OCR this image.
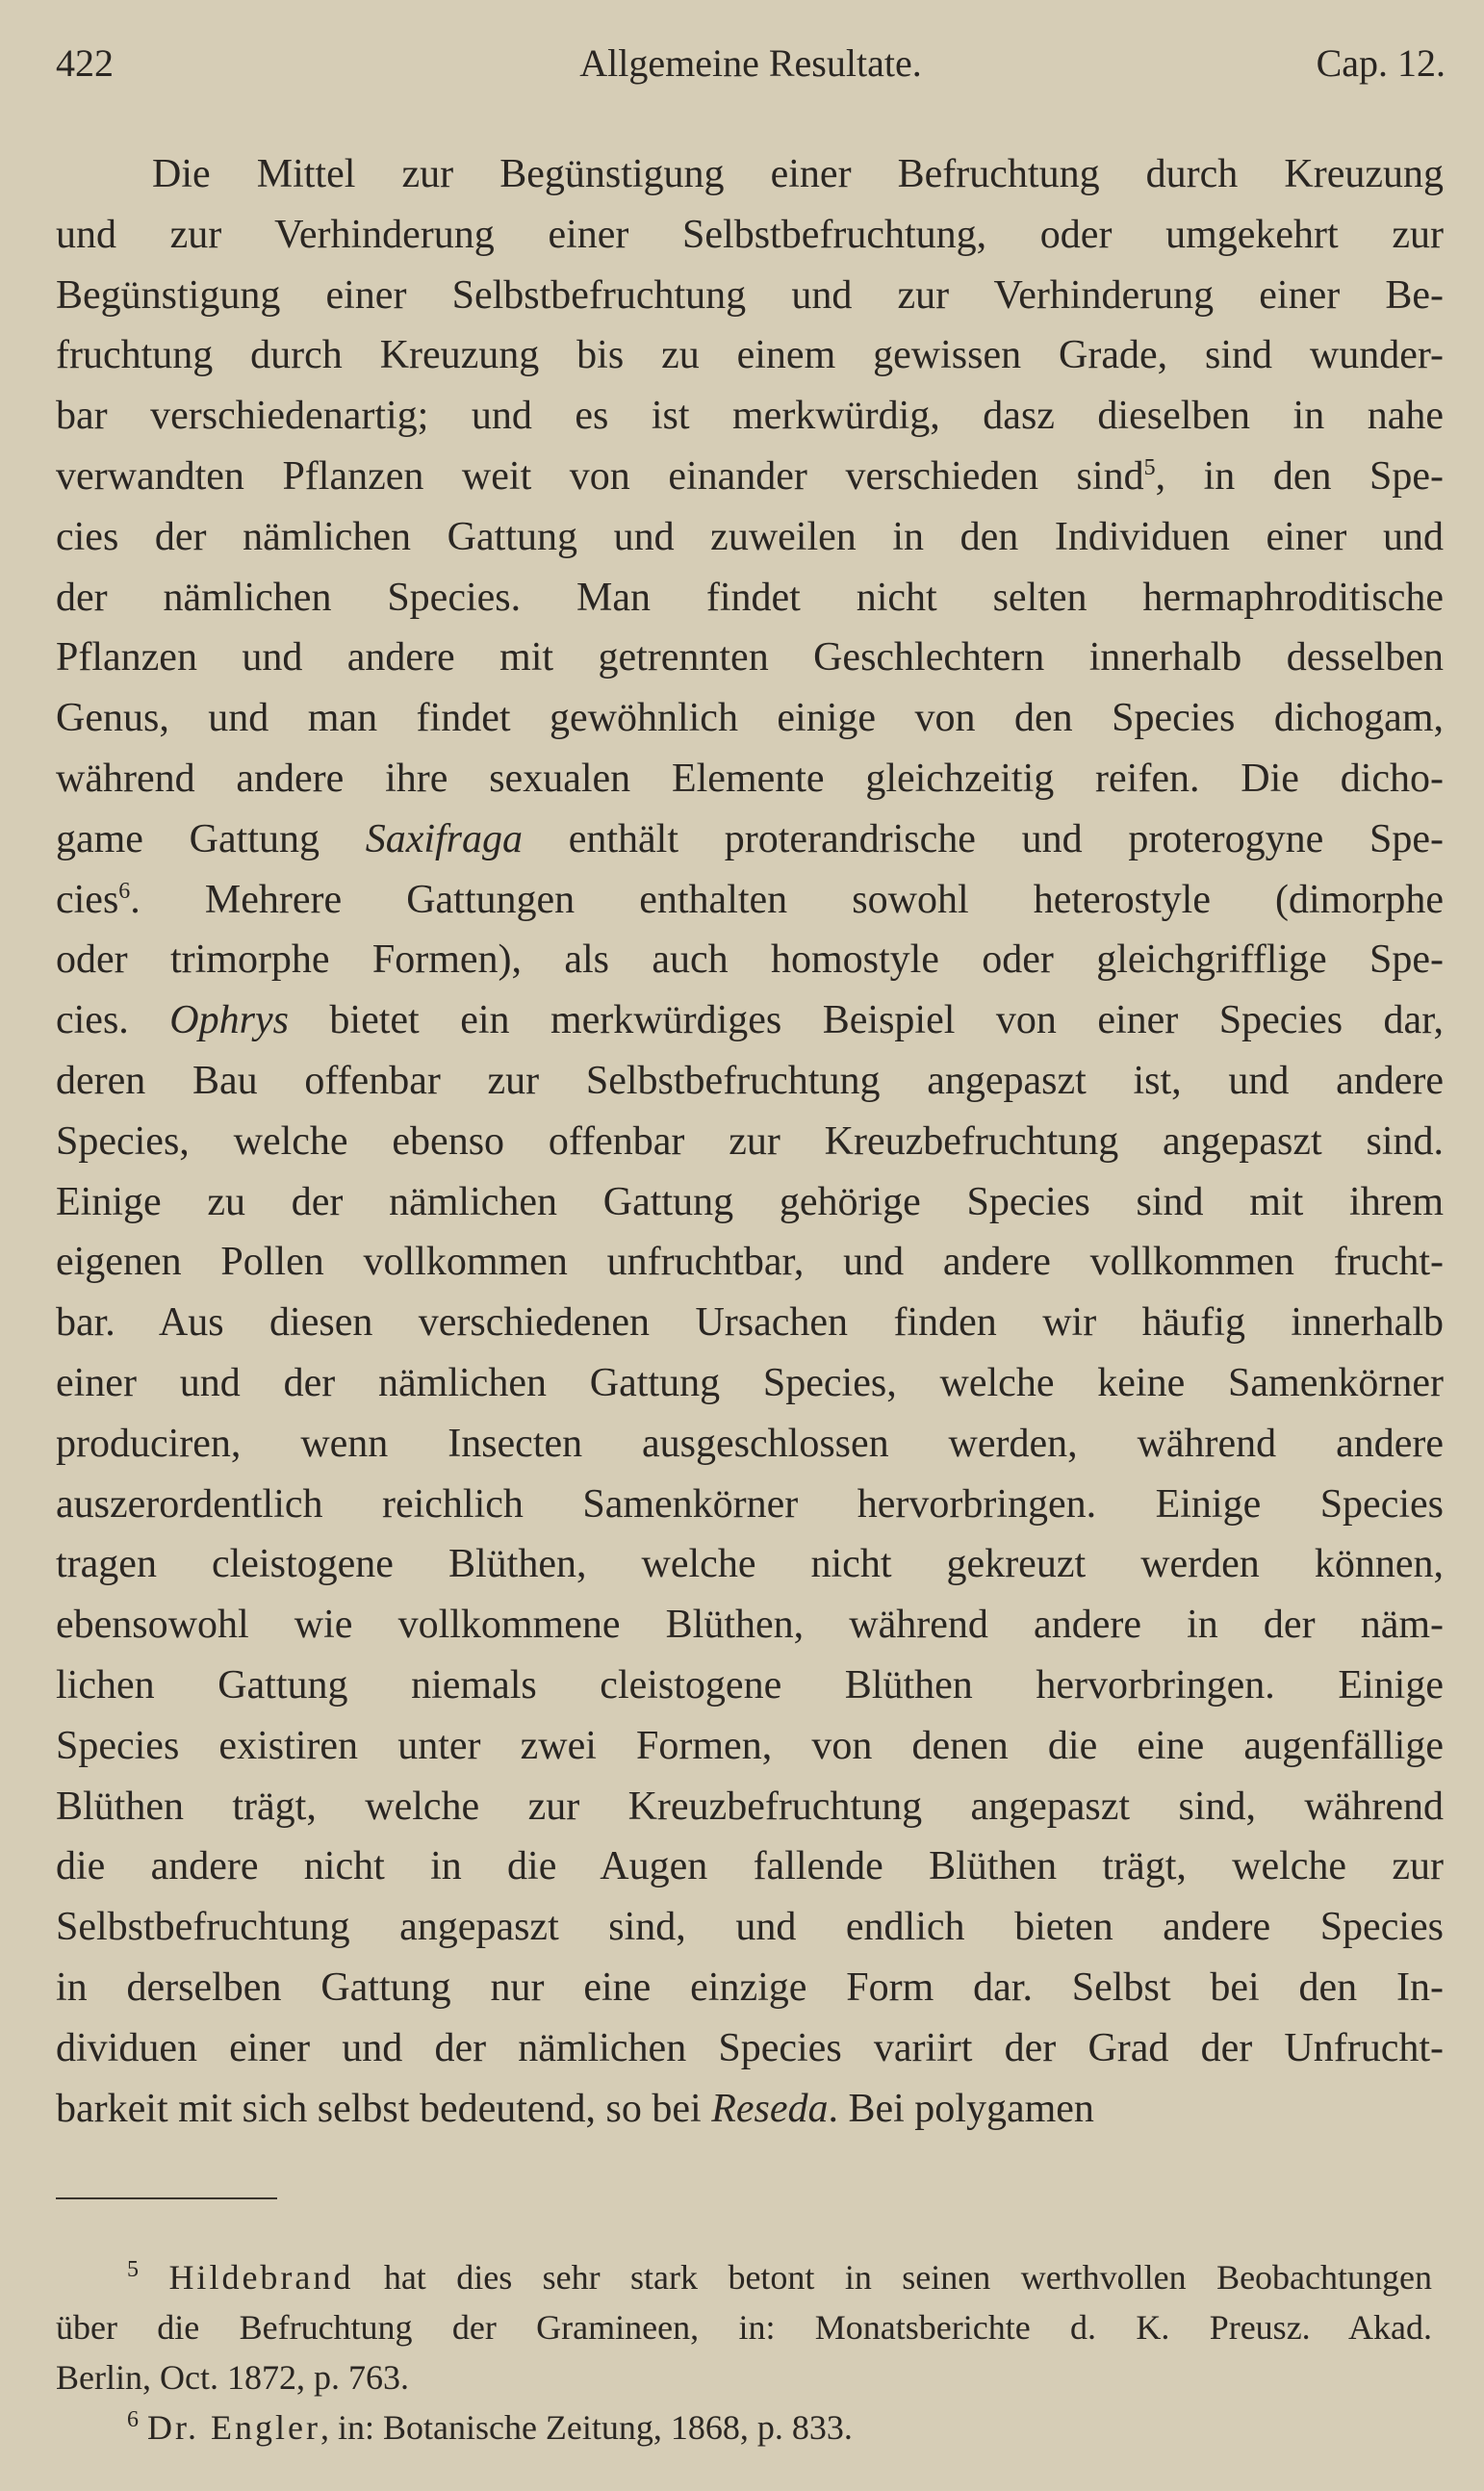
422	Allgemeine Resultate.	Cap. 12.
Die Mittel zur Begünstigung einer Befruchtung durch Kreuzung
und zur Verhinderung einer Selbstbefruchtung, oder umgekehrt zur
Begünstigung einer Selbstbefruchtung und zur Verhinderung einer Be-
fruchtung durch Kreuzung bis zu einem gewissen Grade, sind wunder-
bar verschiedenartig; und es ist merkwürdig, dasz dieselben in nahe
verwandten Pflanzen weit von einander verschieden sind$^5$, in den Spe-
cies der nämlichen Gattung und zuweilen in den Individuen einer und
der nämlichen Species. Man findet nicht selten hermaphroditische
Pflanzen und andere mit getrennten Geschlechtern innerhalb desselben
Genus, und man findet gewöhnlich einige von den Species dichogam,
während andere ihre sexualen Elemente gleichzeitig reifen. Die dicho-
game Gattung Saxifraga enthält proterandrische und proterogyne Spe-
cies$^6$. Mehrere Gattungen enthalten sowohl heterostyle (dimorphe
oder trimorphe Formen), als auch homostyle oder gleichgrifflige Spe-
cies. Ophrys bietet ein merkwürdiges Beispiel von einer Species dar,
deren Bau offenbar zur Selbstbefruchtung angepaszt ist, und andere
Species, welche ebenso offenbar zur Kreuzbefruchtung angepaszt sind.
Einige zu der nämlichen Gattung gehörige Species sind mit ihrem
eigenen Pollen vollkommen unfruchtbar, und andere vollkommen frucht-
bar. Aus diesen verschiedenen Ursachen finden wir häufig innerhalb
einer und der nämlichen Gattung Species, welche keine Samenkörner
produciren, wenn Insecten ausgeschlossen werden, während andere
auszerordentlich reichlich Samenkörner hervorbringen. Einige Species
tragen cleistogene Blüthen, welche nicht gekreuzt werden können,
ebensowohl wie vollkommene Blüthen, während andere in der näm-
lichen Gattung niemals cleistogene Blüthen hervorbringen. Einige
Species existiren unter zwei Formen, von denen die eine augenfällige
Blüthen trägt, welche zur Kreuzbefruchtung angepaszt sind, während
die andere nicht in die Augen fallende Blüthen trägt, welche zur
Selbstbefruchtung angepaszt sind, und endlich bieten andere Species
in derselben Gattung nur eine einzige Form dar. Selbst bei den In-
dividuen einer und der nämlichen Species variirt der Grad der Unfrucht-
barkeit mit sich selbst bedeutend, so bei Reseda. Bei polygamen
$^5$ Hildebrand hat dies sehr stark betont in seinen werthvollen Beobachtungen
über die Befruchtung der Gramineen, in: Monatsberichte d. K. Preusz. Akad.
Berlin, Oct. 1872, p. 763.
$^6$ Dr. Engler, in: Botanische Zeitung, 1868, p. 833.
